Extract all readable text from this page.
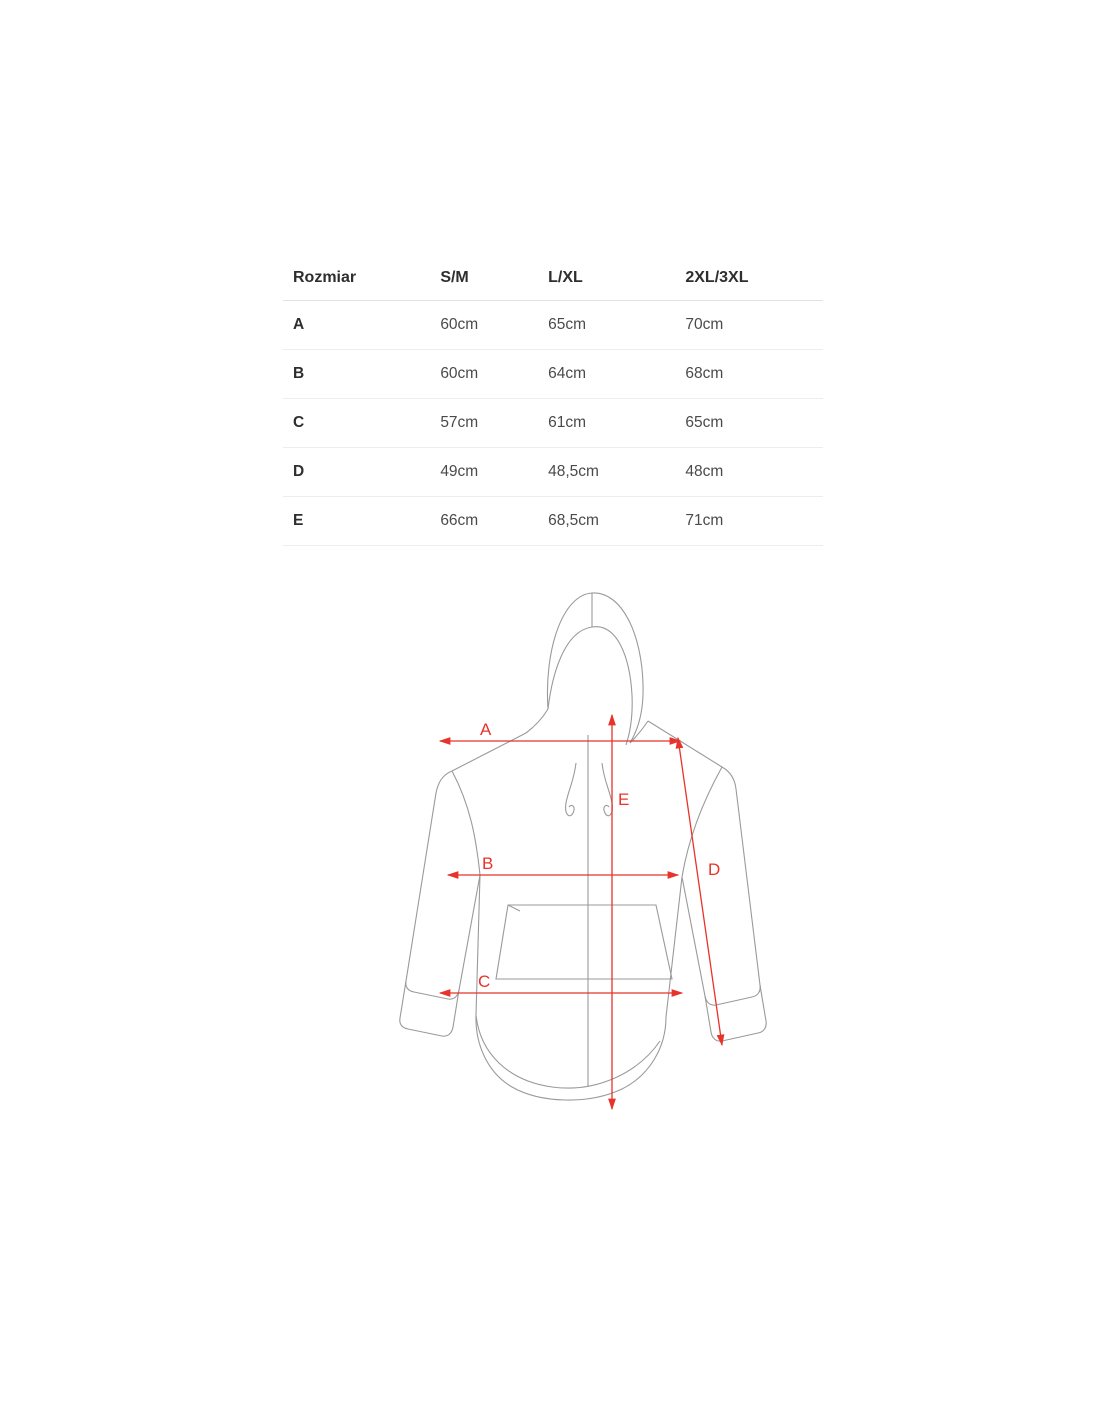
Rozmiar	S/M	L/XL	2XL/3XL
A	60cm	65cm	70cm
B	60cm	64cm	68cm
C	57cm	61cm	65cm
D	49cm	48,5cm	48cm
E	66cm	68,5cm	71cm
A
B
C
D
E
